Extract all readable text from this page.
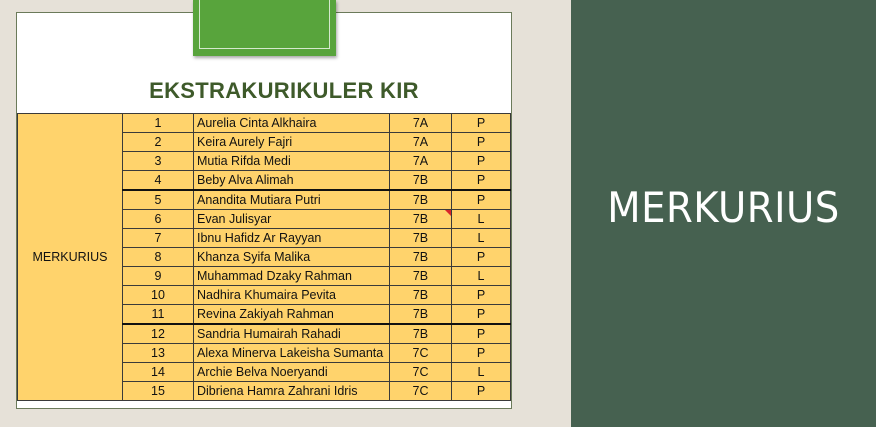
EKSTRAKURIKULER KIR
MERKURIUS	1	Aurelia Cinta Alkhaira	7A	P
	2	Keira Aurely Fajri	7A	P
	3	Mutia Rifda Medi	7A	P
	4	Beby Alva Alimah	7B	P
	5	Anandita Mutiara Putri	7B	P
	6	Evan Julisyar	7B	L
	7	Ibnu Hafidz Ar Rayyan	7B	L
	8	Khanza Syifa Malika	7B	P
	9	Muhammad Dzaky Rahman	7B	L
	10	Nadhira Khumaira Pevita	7B	P
	11	Revina Zakiyah Rahman	7B	P
	12	Sandria Humairah Rahadi	7B	P
	13	Alexa Minerva Lakeisha Sumanta	7C	P
	14	Archie Belva Noeryandi	7C	L
	15	Dibriena Hamra Zahrani Idris	7C	P
MERKURIUS
